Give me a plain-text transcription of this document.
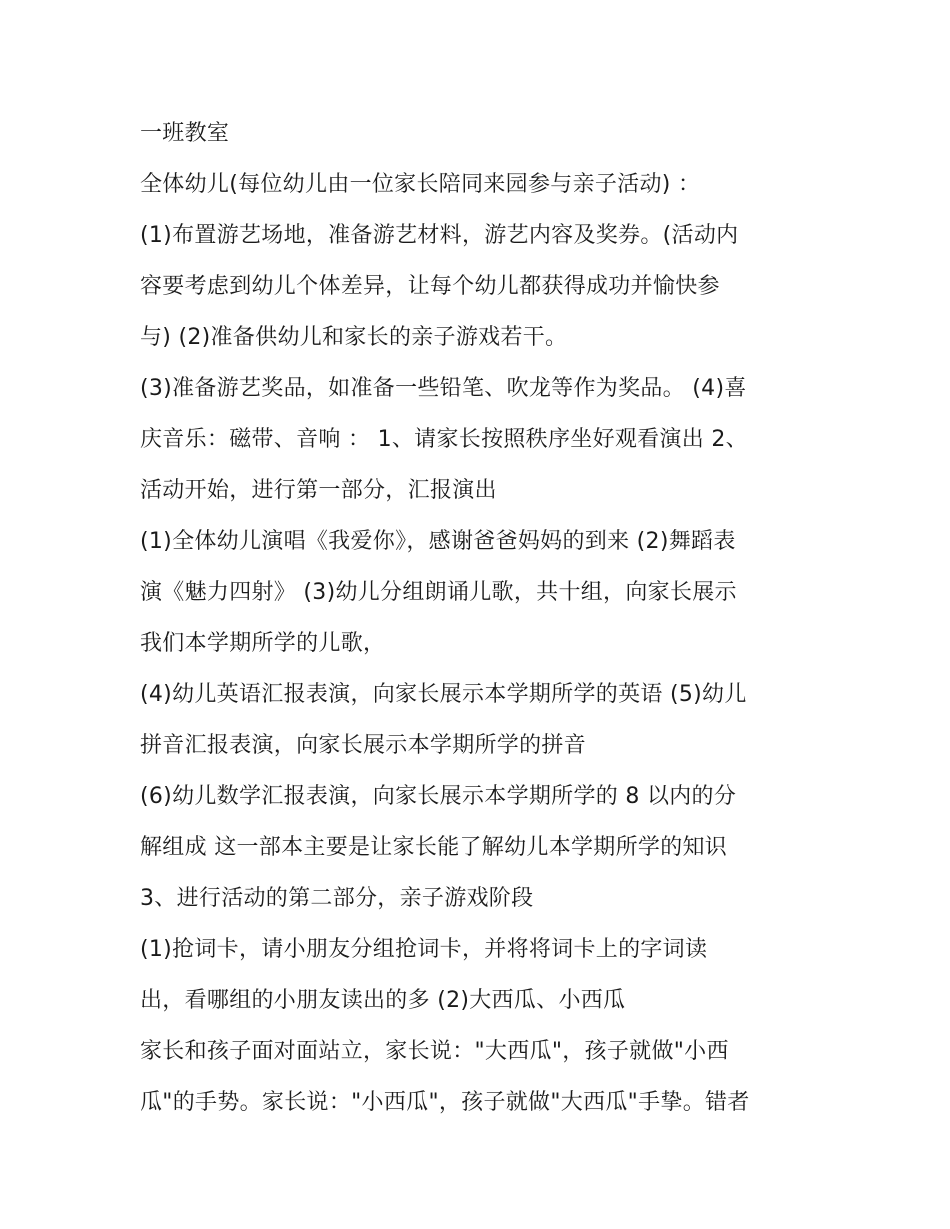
一班教室
全体幼儿(每位幼儿由一位家长陪同来园参与亲子活动) ：
(1)布置游艺场地，准备游艺材料，游艺内容及奖券。(活动内
容要考虑到幼儿个体差异，让每个幼儿都获得成功并愉快参
与) (2)准备供幼儿和家长的亲子游戏若干。
(3)准备游艺奖品，如准备一些铅笔、吹龙等作为奖品。 (4)喜
庆音乐：磁带、音响 ： 1、请家长按照秩序坐好观看演出 2、
活动开始，进行第一部分，汇报演出
(1)全体幼儿演唱《我爱你》，感谢爸爸妈妈的到来 (2)舞蹈表
演《魅力四射》 (3)幼儿分组朗诵儿歌，共十组，向家长展示
我们本学期所学的儿歌，
(4)幼儿英语汇报表演，向家长展示本学期所学的英语 (5)幼儿
拼音汇报表演，向家长展示本学期所学的拼音
(6)幼儿数学汇报表演，向家长展示本学期所学的 8 以内的分
解组成 这一部本主要是让家长能了解幼儿本学期所学的知识
3、进行活动的第二部分，亲子游戏阶段
(1)抢词卡，请小朋友分组抢词卡，并将将词卡上的字词读
出，看哪组的小朋友读出的多 (2)大西瓜、小西瓜
家长和孩子面对面站立，家长说："大西瓜"，孩子就做"小西
瓜"的手势。家长说："小西瓜"，孩子就做"大西瓜"手挚。错者
